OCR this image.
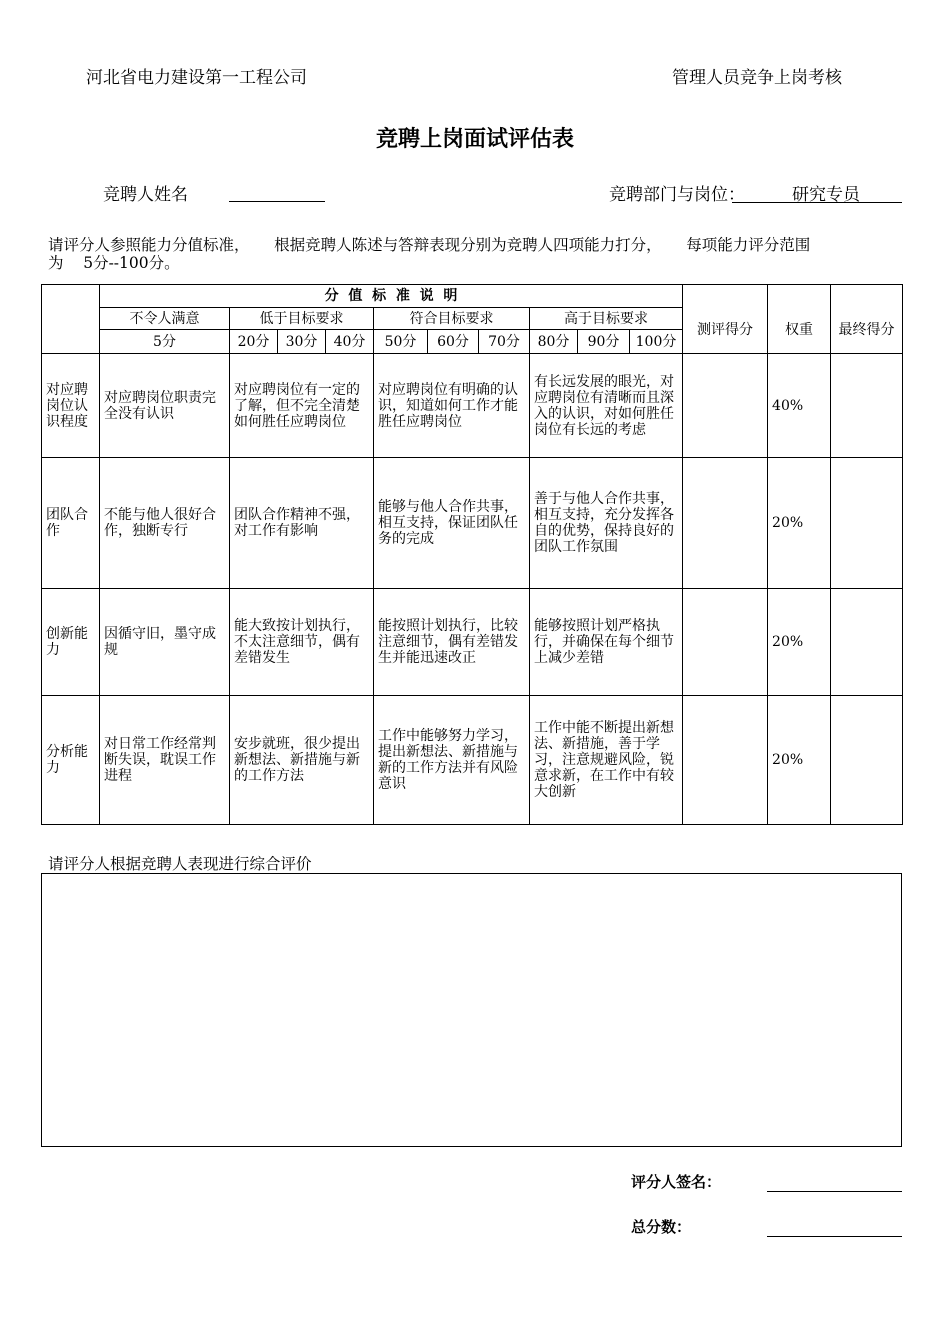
河北省电力建设第一工程公司	管理人员竞争上岗考核
竞聘上岗面试评估表
竞聘人姓名	竞聘部门与岗位：	研究专员
请评分人参照能力分值标准，     根据竞聘人陈述与答辩表现分别为竞聘人四项能力打分，     每项能力评分范围
为    5分--100分。
	分  值  标  准  说  明												
	不令人满意	低于目标要求			符合目标要求			高于目标要求			测评得分	权重	最终得分
	5分	20分	30分	40分	50分	60分	70分	80分	90分	100分			
对应聘岗位认识程度	对应聘岗位职责完全没有认识	对应聘岗位有一定的了解，但不完全清楚如何胜任应聘岗位			对应聘岗位有明确的认识，知道如何工作才能胜任应聘岗位			有长远发展的眼光，对应聘岗位有清晰而且深入的认识，对如何胜任岗位有长远的考虑				40%	
团队合作	不能与他人很好合作，独断专行	团队合作精神不强，对工作有影响			能够与他人合作共事，相互支持，保证团队任务的完成			善于与他人合作共事，相互支持，充分发挥各自的优势，保持良好的团队工作氛围				20%	
创新能力	因循守旧，墨守成规	能大致按计划执行，不太注意细节，偶有差错发生			能按照计划执行，比较注意细节，偶有差错发生并能迅速改正			能够按照计划严格执行，并确保在每个细节上减少差错				20%	
分析能力	对日常工作经常判断失误，耽误工作进程	安步就班，很少提出新想法、新措施与新的工作方法			工作中能够努力学习，提出新想法、新措施与新的工作方法并有风险意识			工作中能不断提出新想法、新措施，善于学习，注意规避风险，锐意求新，在工作中有较大创新				20%	
请评分人根据竞聘人表现进行综合评价
评分人签名：
总分数：
